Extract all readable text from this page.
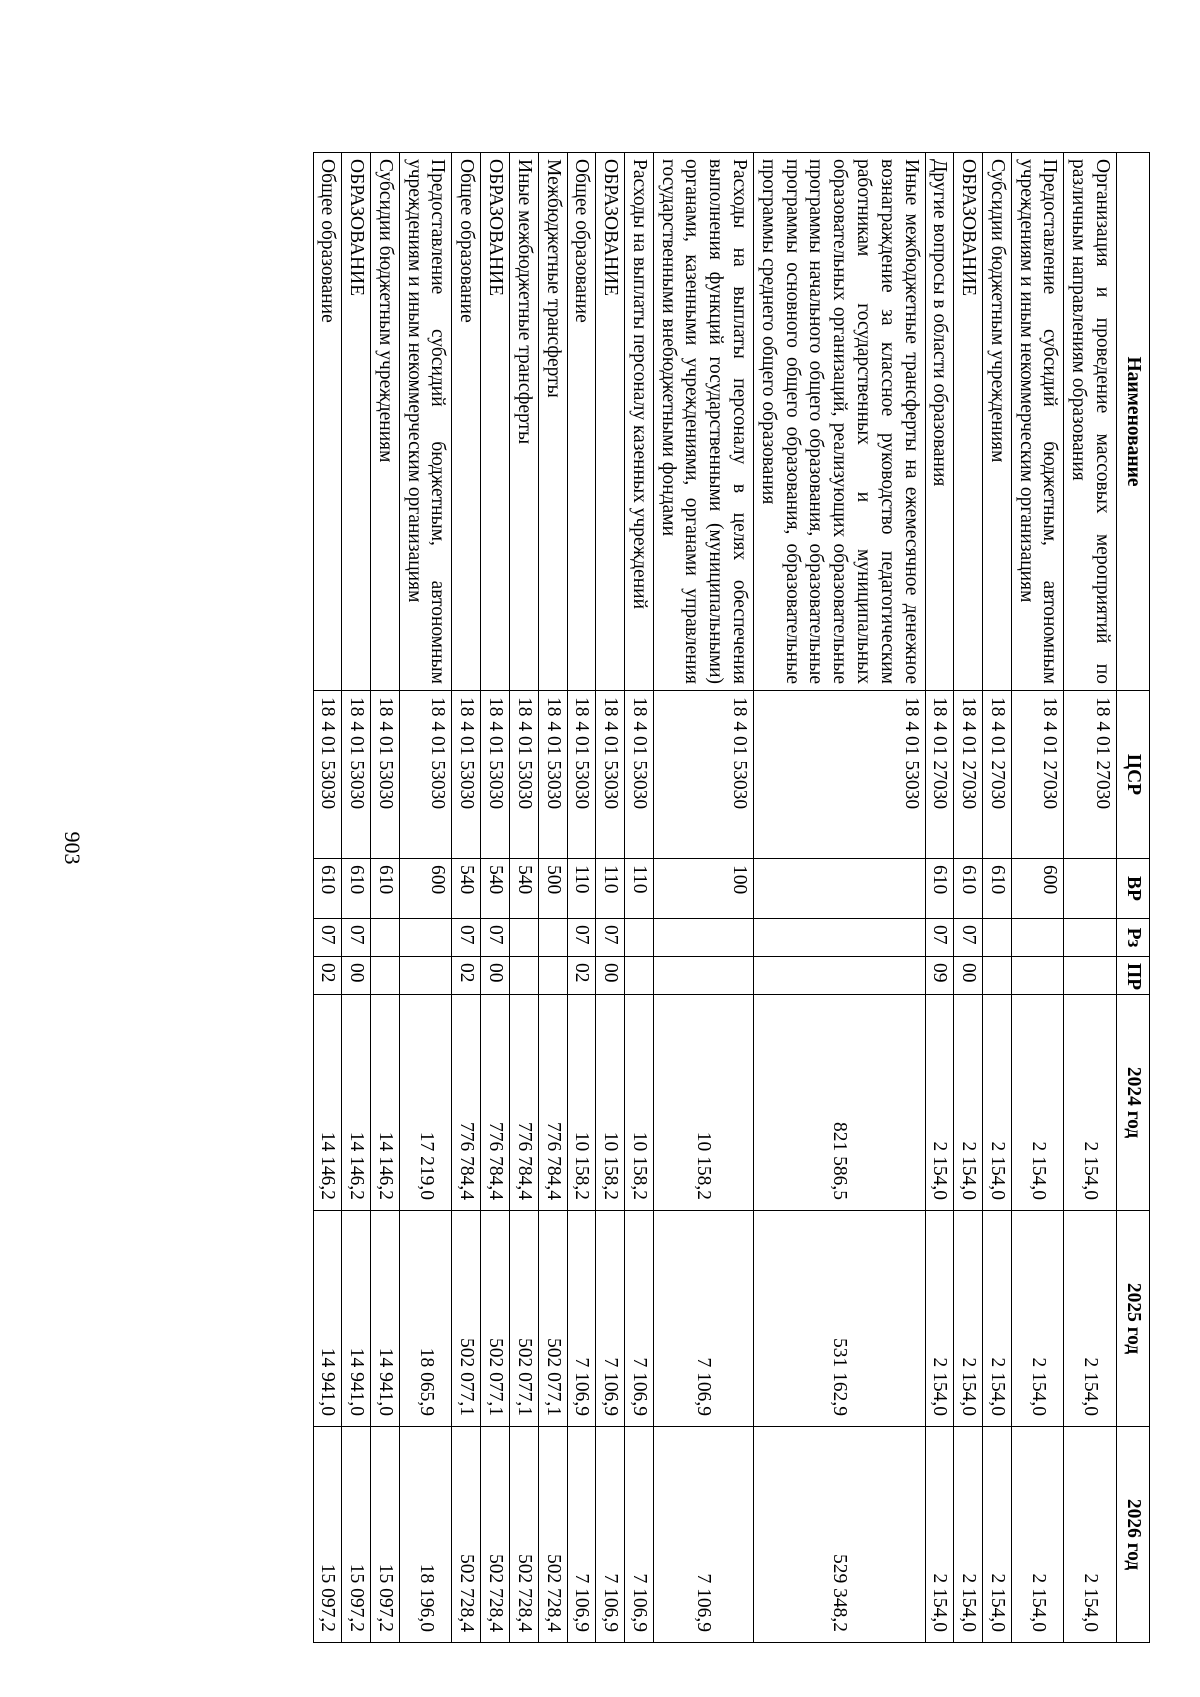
903
Наименование	ЦСР	ВР	Рз	ПР	2024 год	2025 год	2026 год
Организация и проведение массовых мероприятий по различным направлениям образования	18 4 01 27030				2 154,0	2 154,0	2 154,0
Предоставление субсидий бюджетным, автономным учреждениям и иным некоммерческим организациям	18 4 01 27030	600			2 154,0	2 154,0	2 154,0
Субсидии бюджетным учреждениям	18 4 01 27030	610			2 154,0	2 154,0	2 154,0
ОБРАЗОВАНИЕ	18 4 01 27030	610	07	00	2 154,0	2 154,0	2 154,0
Другие вопросы в области образования	18 4 01 27030	610	07	09	2 154,0	2 154,0	2 154,0
Иные межбюджетные трансферты на ежемесячное денежное вознаграждение за классное руководство педагогическим работникам государственных и муниципальных образовательных организаций, реализующих образовательные программы начального общего образования, образовательные программы основного общего образования, образовательные программы среднего общего образования	18 4 01 53030				821 586,5	531 162,9	529 348,2
Расходы на выплаты персоналу в целях обеспечения выполнения функций государственными (муниципальными) органами, казенными учреждениями, органами управления государственными внебюджетными фондами	18 4 01 53030	100			10 158,2	7 106,9	7 106,9
Расходы на выплаты персоналу казенных учреждений	18 4 01 53030	110			10 158,2	7 106,9	7 106,9
ОБРАЗОВАНИЕ	18 4 01 53030	110	07	00	10 158,2	7 106,9	7 106,9
Общее образование	18 4 01 53030	110	07	02	10 158,2	7 106,9	7 106,9
Межбюджетные трансферты	18 4 01 53030	500			776 784,4	502 077,1	502 728,4
Иные межбюджетные трансферты	18 4 01 53030	540			776 784,4	502 077,1	502 728,4
ОБРАЗОВАНИЕ	18 4 01 53030	540	07	00	776 784,4	502 077,1	502 728,4
Общее образование	18 4 01 53030	540	07	02	776 784,4	502 077,1	502 728,4
Предоставление субсидий бюджетным, автономным учреждениям и иным некоммерческим организациям	18 4 01 53030	600			17 219,0	18 065,9	18 196,0
Субсидии бюджетным учреждениям	18 4 01 53030	610			14 146,2	14 941,0	15 097,2
ОБРАЗОВАНИЕ	18 4 01 53030	610	07	00	14 146,2	14 941,0	15 097,2
Общее образование	18 4 01 53030	610	07	02	14 146,2	14 941,0	15 097,2
